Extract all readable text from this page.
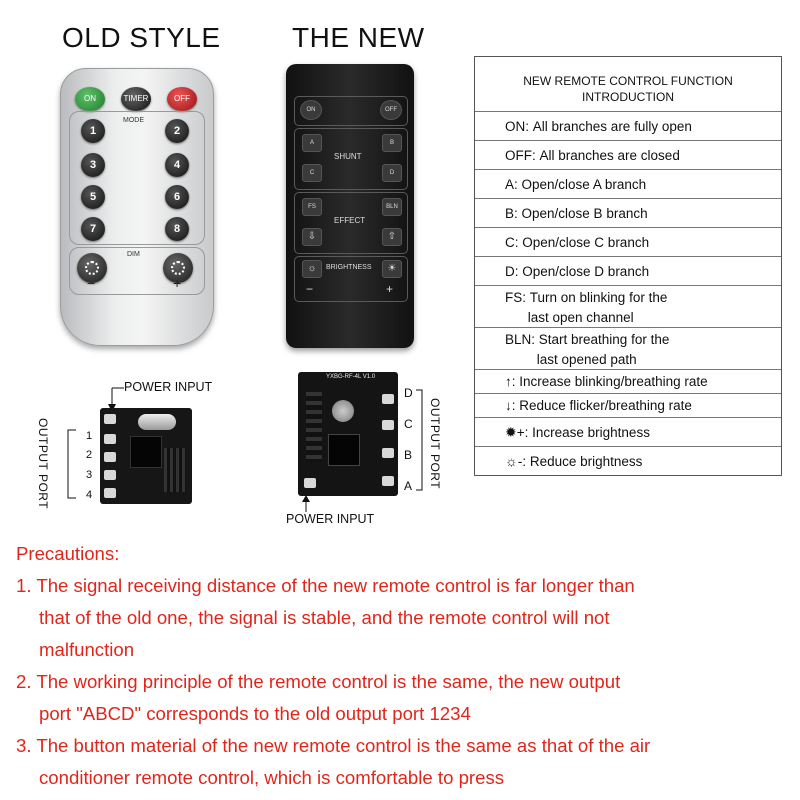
OLD STYLE	THE NEW
ON	TIMER	OFF
MODE
1	2
3	4
5	6
7	8
DIM
−	+
ON	OFF
A	B
SHUNT
C	D
FS	BLN
EFFECT
⇩	⇧
☼	☀
BRIGHTNESS
−	+
NEW REMOTE CONTROL FUNCTION INTRODUCTION
ON: All branches are fully open
OFF: All branches are closed
A: Open/close A branch
B: Open/close B branch
C: Open/close C branch
D: Open/close D branch
FS: Turn on blinking for the
last open channel
BLN: Start breathing for the
last opened path
↑: Increase blinking/breathing rate
↓: Reduce flicker/breathing rate
✹ +: Increase brightness
☼ -: Reduce brightness
POWER INPUT
OUTPUT PORT	1
2
3
4
YXBG-RF-4L V1.0
D
C
B
A OUTPUT PORT
POWER INPUT
Precautions:
1. The signal receiving distance of the new remote control is far longer than
that of the old one, the signal is stable, and the remote control will not
malfunction
2. The working principle of the remote control is the same, the new output
port "ABCD" corresponds to the old output port 1234
3. The button material of the new remote control is the same as that of the air
conditioner remote control, which is comfortable to press
